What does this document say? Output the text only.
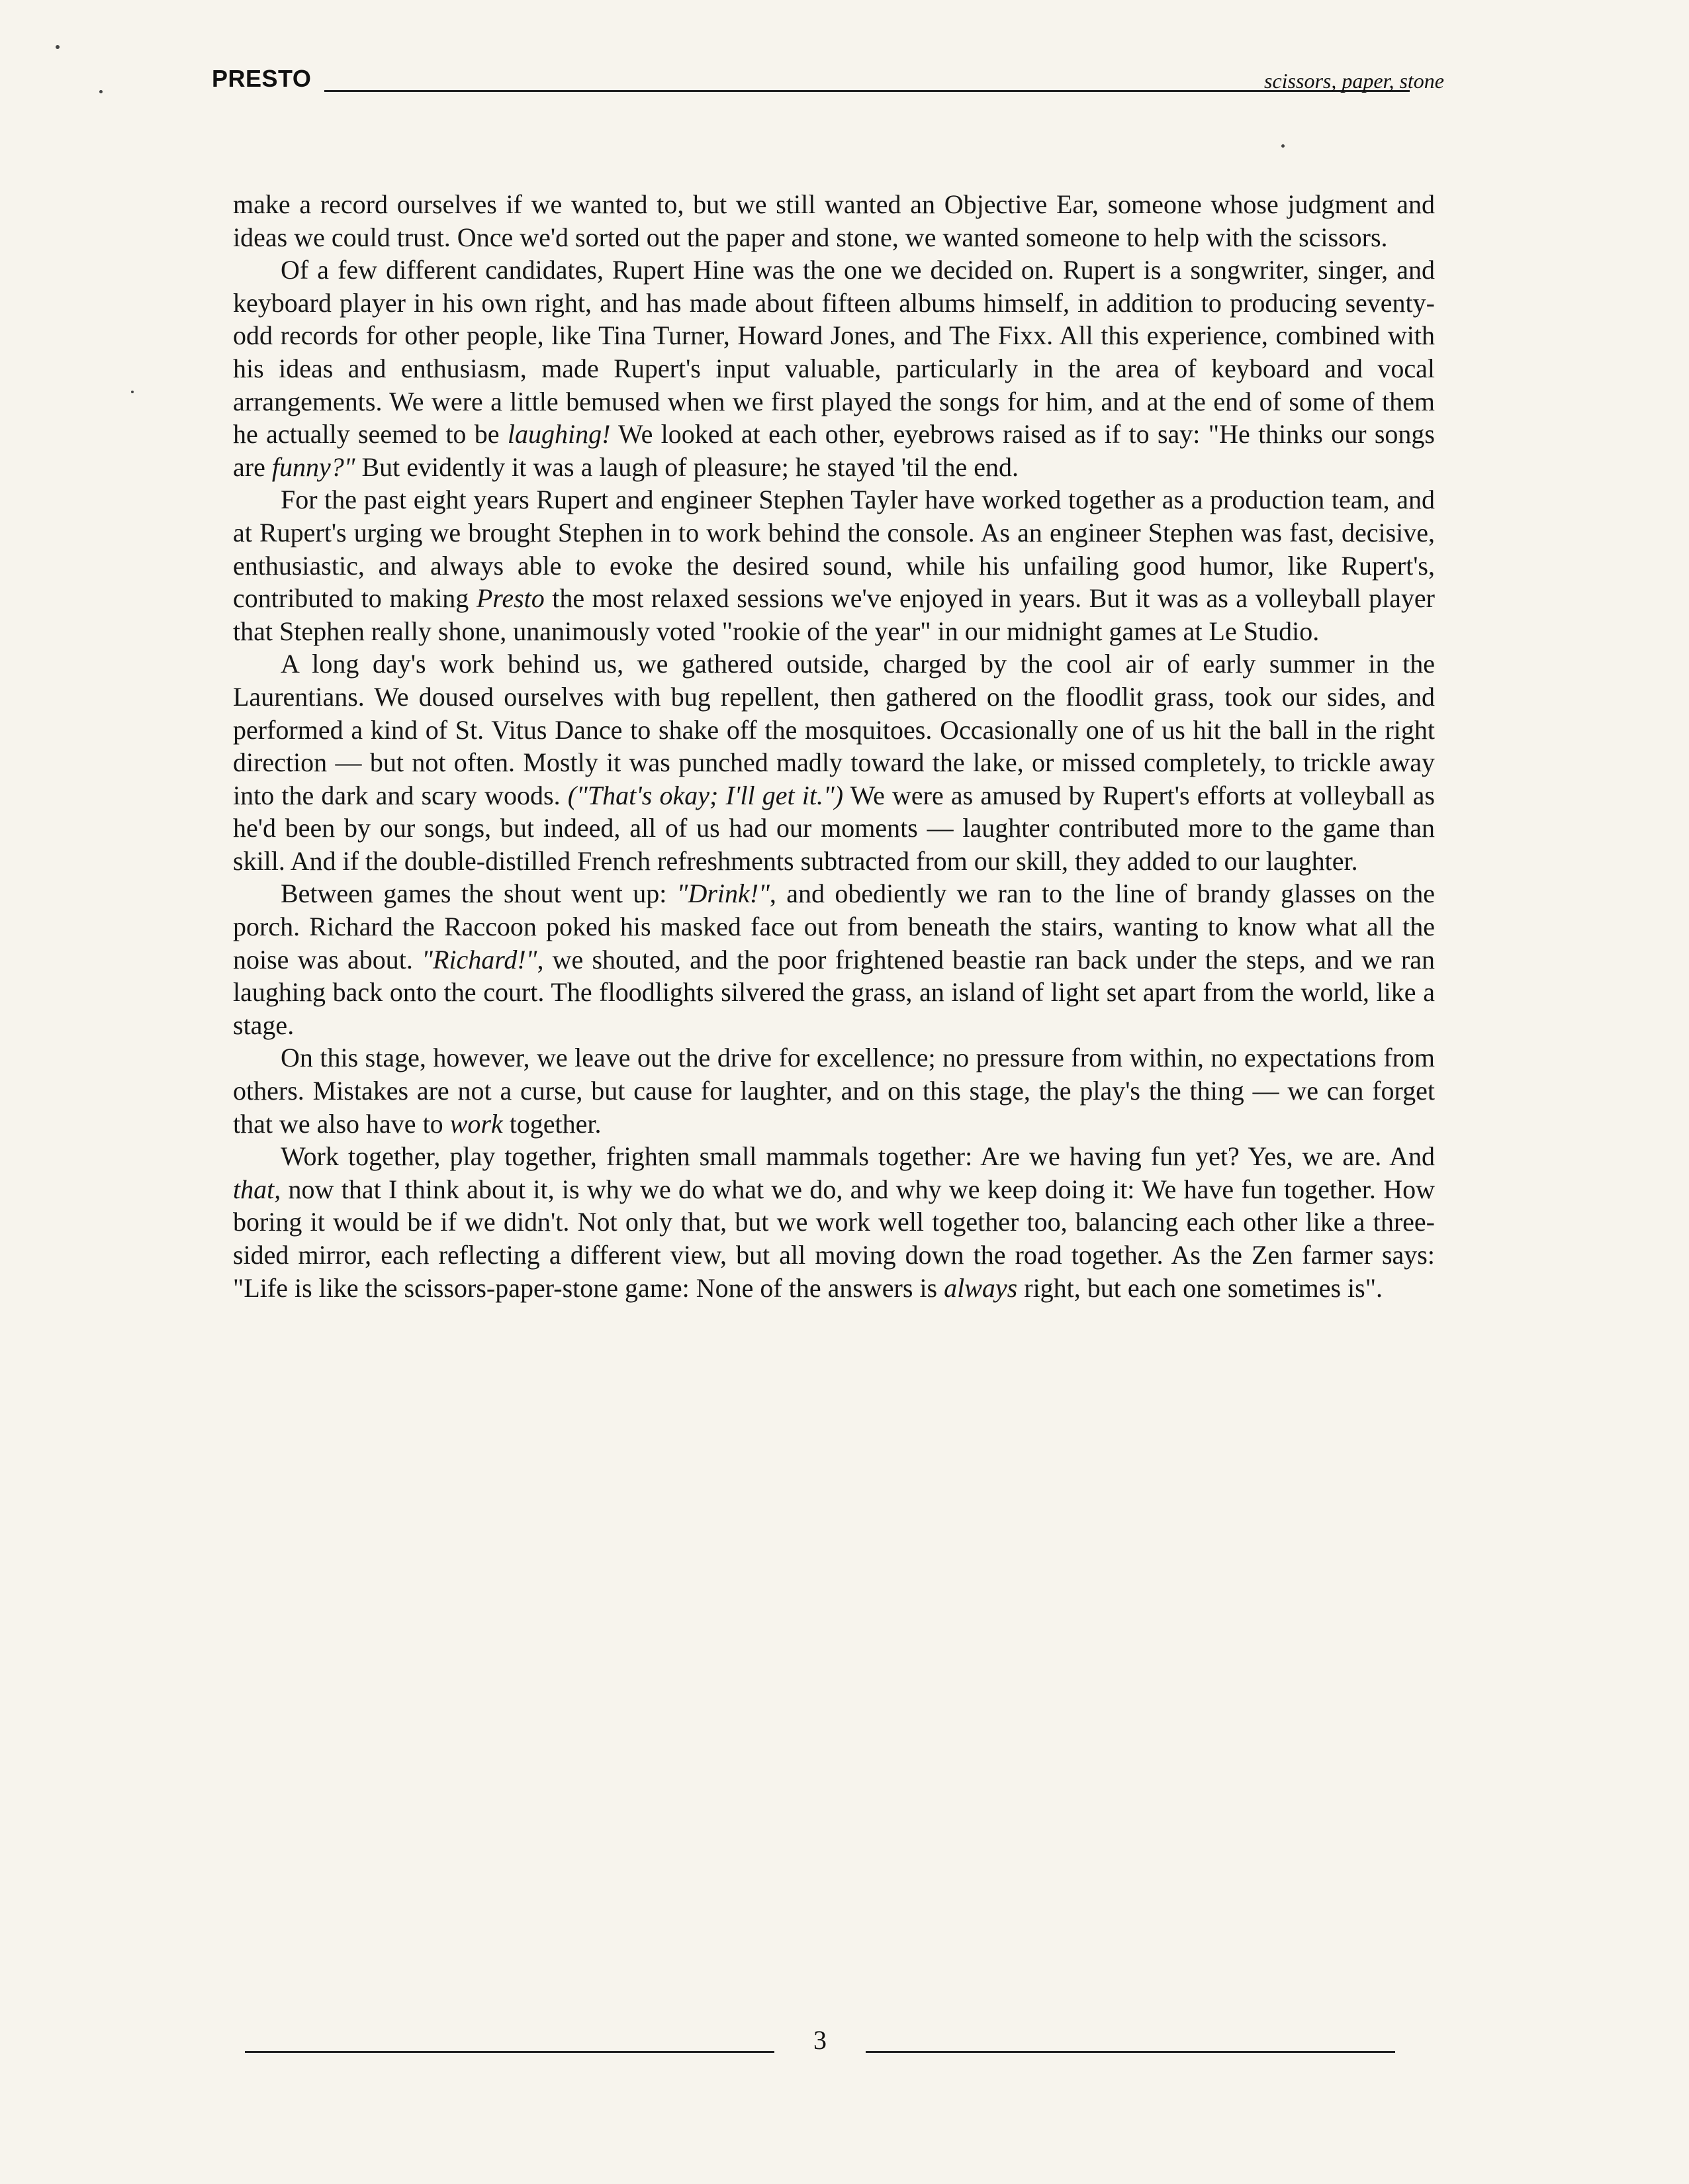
PRESTO	scissors, paper, stone

make a record ourselves if we wanted to, but we still wanted an Objective Ear, someone whose judgment and ideas we could trust. Once we'd sorted out the paper and stone, we wanted someone to help with the scissors.

Of a few different candidates, Rupert Hine was the one we decided on. Rupert is a songwriter, singer, and keyboard player in his own right, and has made about fifteen albums himself, in addition to producing seventy-odd records for other people, like Tina Turner, Howard Jones, and The Fixx. All this experience, combined with his ideas and enthusiasm, made Rupert's input valuable, particularly in the area of keyboard and vocal arrangements. We were a little bemused when we first played the songs for him, and at the end of some of them he actually seemed to be laughing! We looked at each other, eyebrows raised as if to say: "He thinks our songs are funny?" But evidently it was a laugh of pleasure; he stayed 'til the end.

For the past eight years Rupert and engineer Stephen Tayler have worked together as a production team, and at Rupert's urging we brought Stephen in to work behind the console. As an engineer Stephen was fast, decisive, enthusiastic, and always able to evoke the desired sound, while his unfailing good humor, like Rupert's, contributed to making Presto the most relaxed sessions we've enjoyed in years. But it was as a volleyball player that Stephen really shone, unanimously voted "rookie of the year" in our midnight games at Le Studio.

A long day's work behind us, we gathered outside, charged by the cool air of early summer in the Laurentians. We doused ourselves with bug repellent, then gathered on the floodlit grass, took our sides, and performed a kind of St. Vitus Dance to shake off the mosquitoes. Occasionally one of us hit the ball in the right direction — but not often. Mostly it was punched madly toward the lake, or missed completely, to trickle away into the dark and scary woods. ("That's okay; I'll get it.") We were as amused by Rupert's efforts at volleyball as he'd been by our songs, but indeed, all of us had our moments — laughter contributed more to the game than skill. And if the double-distilled French refreshments subtracted from our skill, they added to our laughter.

Between games the shout went up: "Drink!", and obediently we ran to the line of brandy glasses on the porch. Richard the Raccoon poked his masked face out from beneath the stairs, wanting to know what all the noise was about. "Richard!", we shouted, and the poor frightened beastie ran back under the steps, and we ran laughing back onto the court. The floodlights silvered the grass, an island of light set apart from the world, like a stage.

On this stage, however, we leave out the drive for excellence; no pressure from within, no expectations from others. Mistakes are not a curse, but cause for laughter, and on this stage, the play's the thing — we can forget that we also have to work together.

Work together, play together, frighten small mammals together: Are we having fun yet? Yes, we are. And that, now that I think about it, is why we do what we do, and why we keep doing it: We have fun together. How boring it would be if we didn't. Not only that, but we work well together too, balancing each other like a three-sided mirror, each reflecting a different view, but all moving down the road together. As the Zen farmer says: "Life is like the scissors-paper-stone game: None of the answers is always right, but each one sometimes is".

3
